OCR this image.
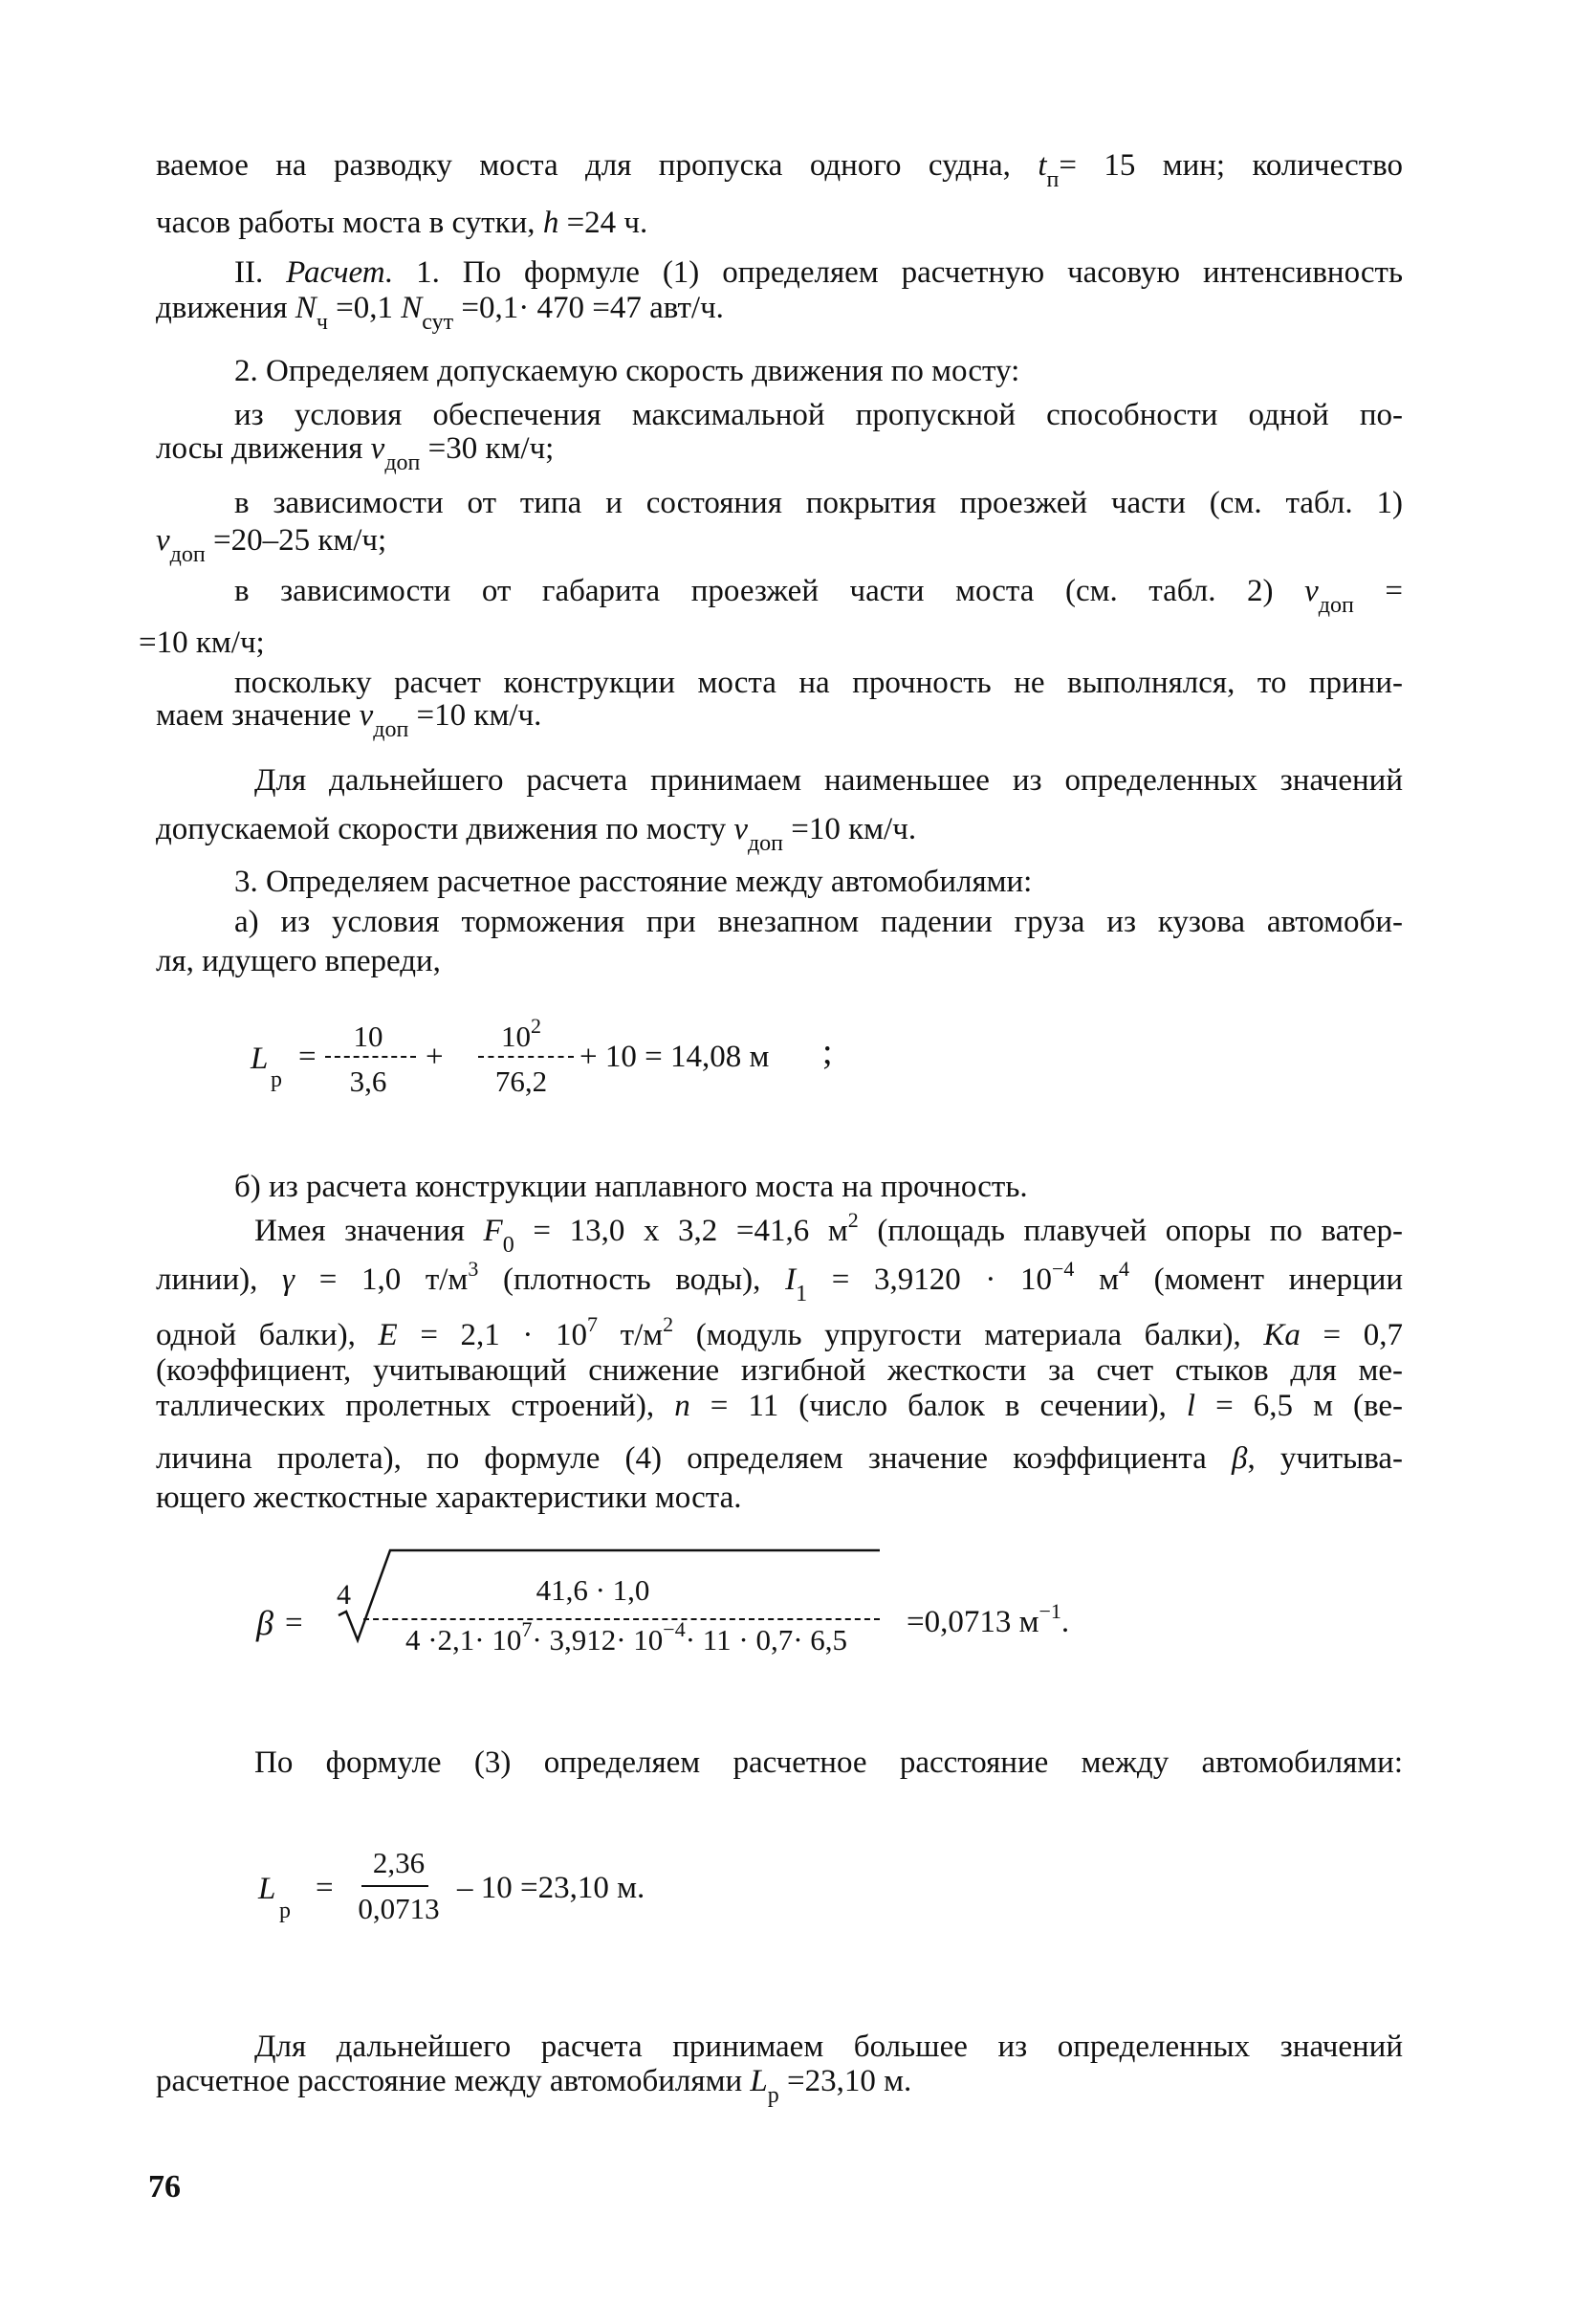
ваемое на разводку моста для пропуска одного судна, $t_п= 15$ мин; количество
часов работы моста в сутки, h =24 ч.
II. Расчет. 1. По формуле (1) определяем расчетную часовую интенсивность
движения $N_ч =0,1$ $N_{сут} =0,1\cdot 470 =47$ авт/ч.
2. Определяем допускаемую скорость движения по мосту:
из условия обеспечения максимальной пропускной способности одной по-
лосы движения $v_{доп} =30$ км/ч;
в зависимости от типа и состояния покрытия проезжей части (см. табл. 1)
$v_{доп} =20-25$ км/ч;
в зависимости от габарита проезжей части моста (см. табл. 2) $v_{доп}$ =
=10 км/ч;
поскольку расчет конструкции моста на прочность не выполнялся, то прини-
маем значение $v_{доп} =10$ км/ч.
Для дальнейшего расчета принимаем наименьшее из определенных значений
допускаемой скорости движения по мосту $v_{доп} =10$ км/ч.
3. Определяем расчетное расстояние между автомобилями:
а) из условия торможения при внезапном падении груза из кузова автомоби-
ля, идущего впереди,
L
р
=
10
3,6
+
$10^2$
76,2
+ 10 = 14,08 м ;
б) из расчета конструкции наплавного моста на прочность.
Имея значения $F_0 = 13,0$ x 3,2 =41,6 $м^2$ (площадь плавучей опоры по ватер-
линии), γ = 1,0 $т/м^3$ (плотность воды), $I_1 = 3,9120 \cdot 10^{-4}$ $м^4$ (момент инерции
одной балки), $E = 2,1 \cdot 10^7$ $т/м^2$ (модуль упругости материала балки), Ka = 0,7
(коэффициент, учитывающий снижение изгибной жесткости за счет стыков для ме-
таллических пролетных строений), n = 11 (число балок в сечении), l = 6,5 м (ве-
личина пролета), по формуле (4) определяем значение коэффициента β, учитыва-
ющего жесткостные характеристики моста.
β =
4	41,6 · 1,0
$4 \cdot 2,1\cdot 10^7\cdot 3,912\cdot 10^{-4}\cdot 11 \cdot 0,7\cdot 6,5$
=0,0713 $м^{-1}$.
По формуле (3) определяем расчетное расстояние между автомобилями:
L
р
=
2,36
0,0713
– 10 =23,10 м.
Для дальнейшего расчета принимаем большее из определенных значений
расчетное расстояние между автомобилями $L_р =23,10$ м.
76
